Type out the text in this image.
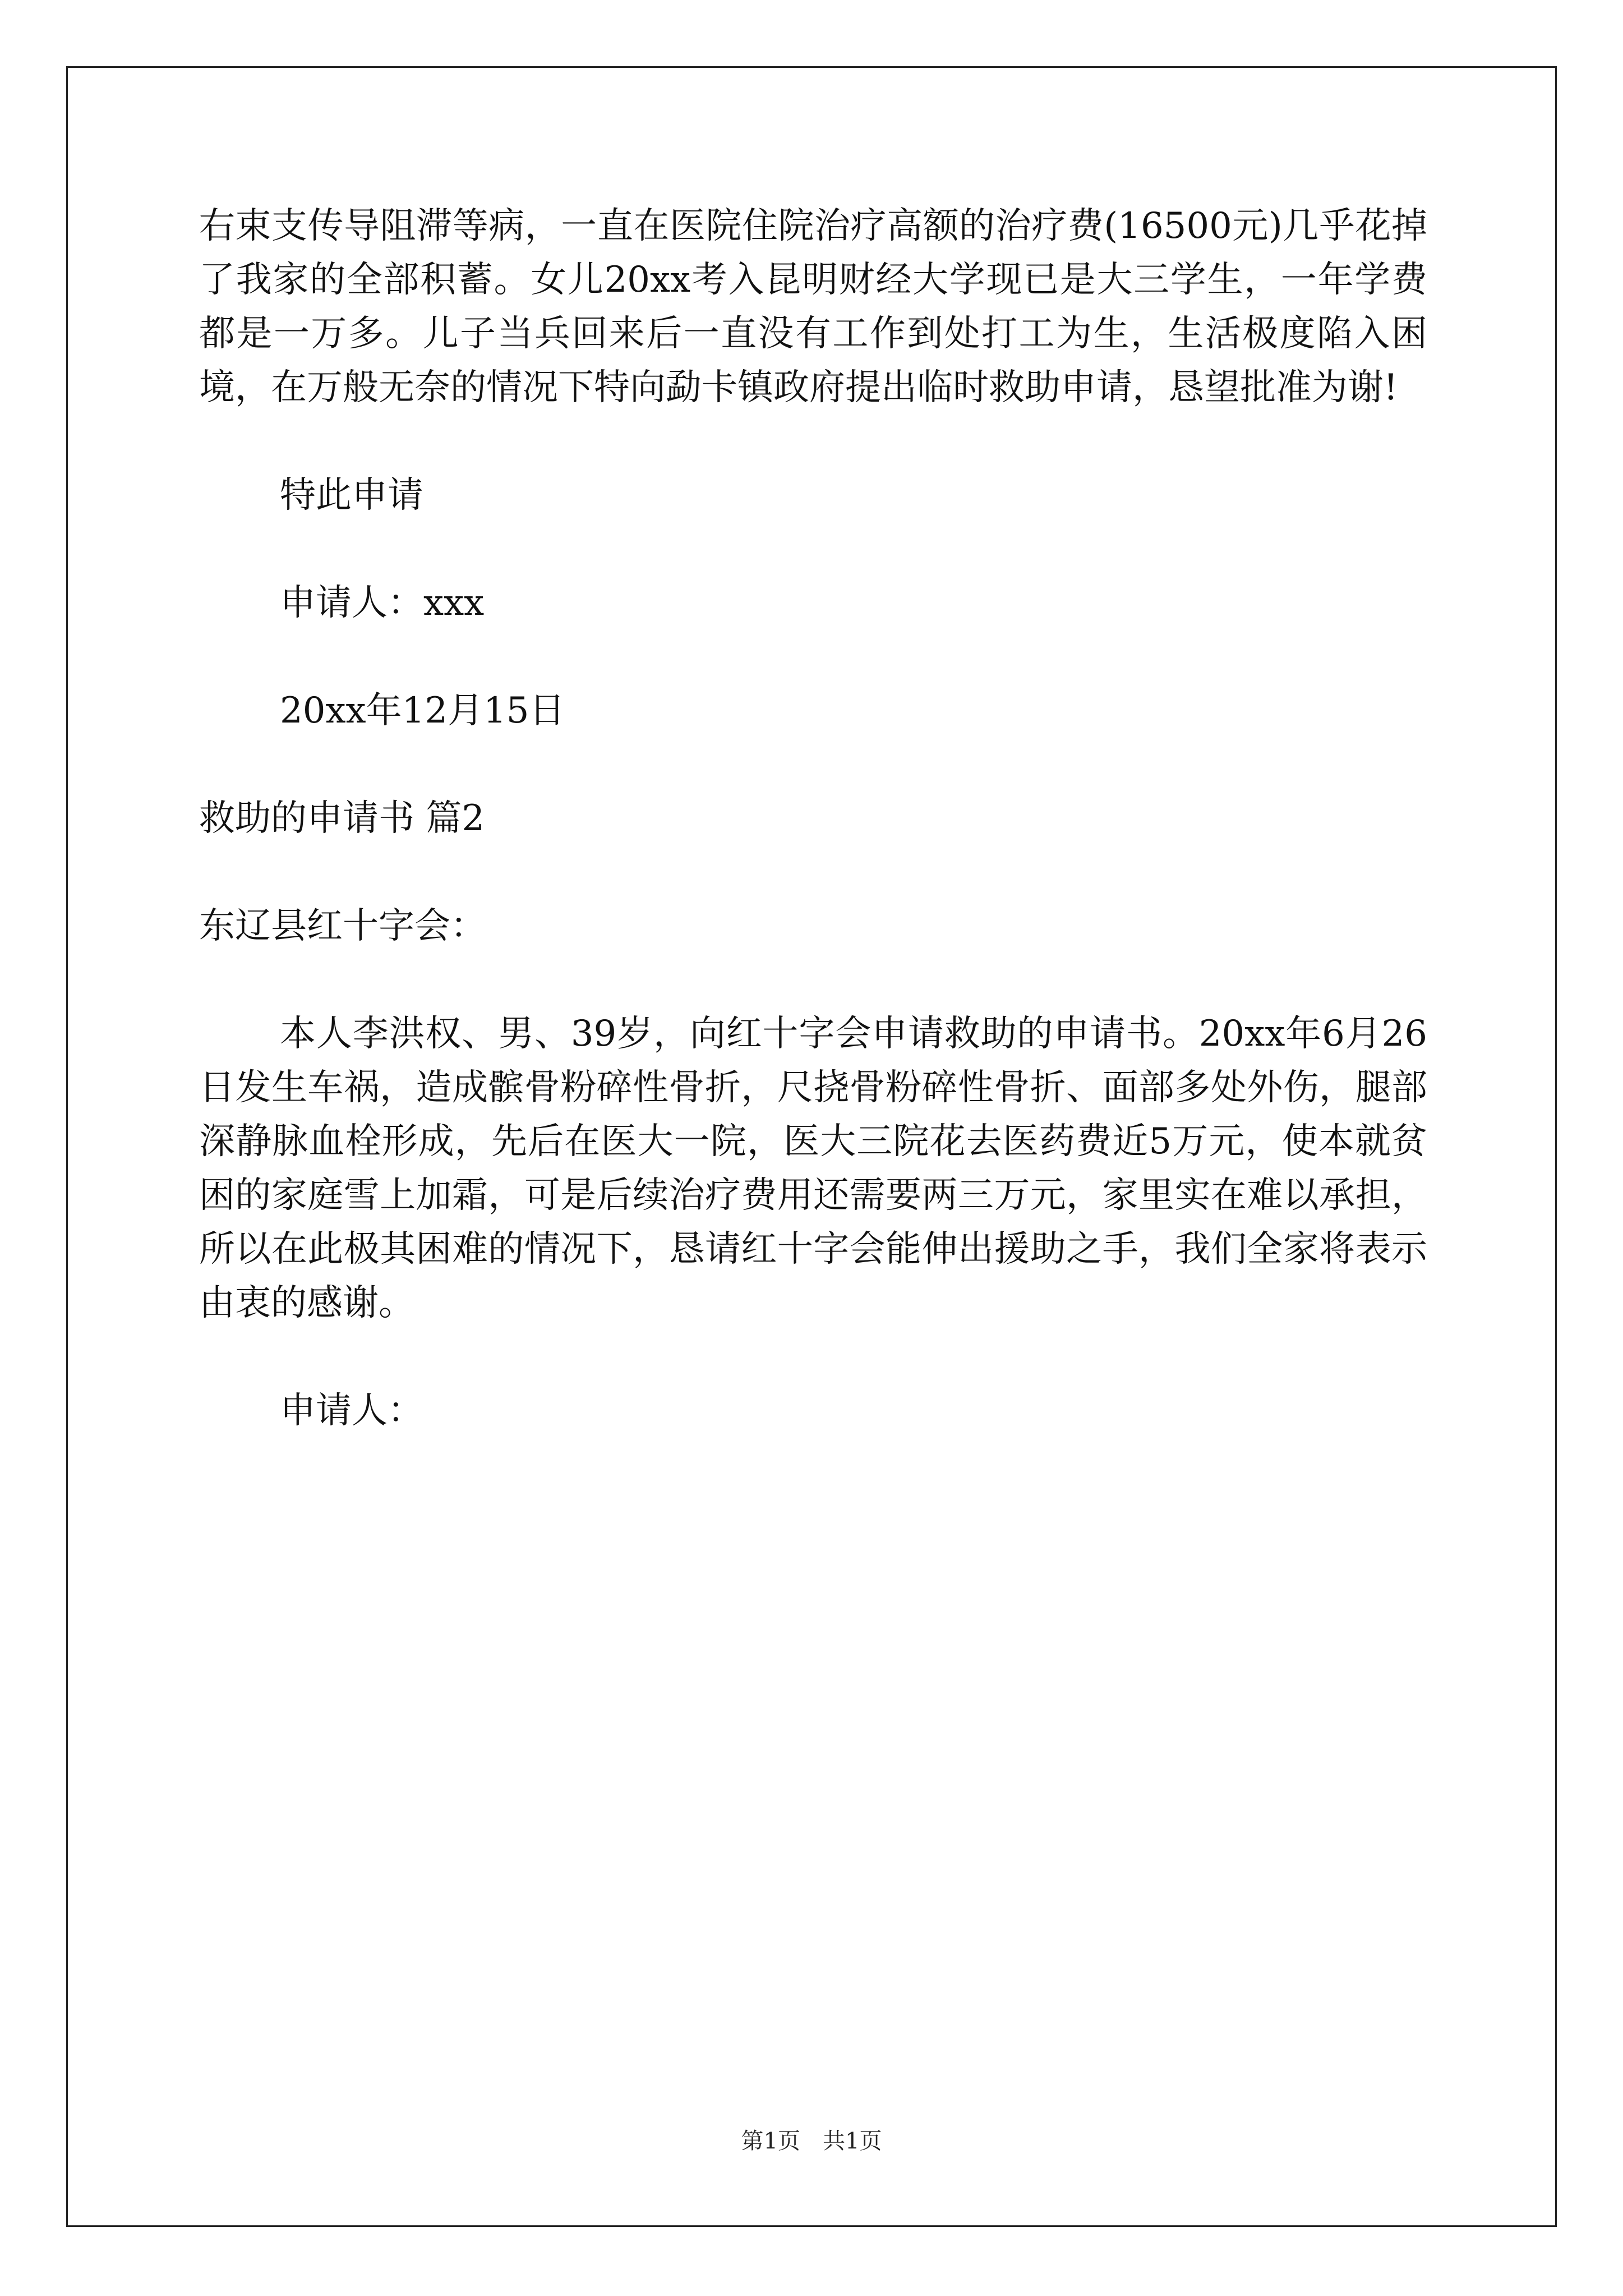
右束支传导阻滞等病，一直在医院住院治疗高额的治疗费(16500元)几乎花掉了我家的全部积蓄。女儿20xx考入昆明财经大学现已是大三学生，一年学费都是一万多。儿子当兵回来后一直没有工作到处打工为生，生活极度陷入困境，在万般无奈的情况下特向勐卡镇政府提出临时救助申请，恳望批准为谢!

特此申请

申请人：xxx

20xx年12月15日

救助的申请书 篇2

东辽县红十字会：

本人李洪权、男、39岁，向红十字会申请救助的申请书。20xx年6月26日发生车祸，造成髌骨粉碎性骨折，尺挠骨粉碎性骨折、面部多处外伤，腿部深静脉血栓形成，先后在医大一院，医大三院花去医药费近5万元，使本就贫困的家庭雪上加霜，可是后续治疗费用还需要两三万元，家里实在难以承担，所以在此极其困难的情况下，恳请红十字会能伸出援助之手，我们全家将表示由衷的感谢。

申请人：

第1页 共1页
